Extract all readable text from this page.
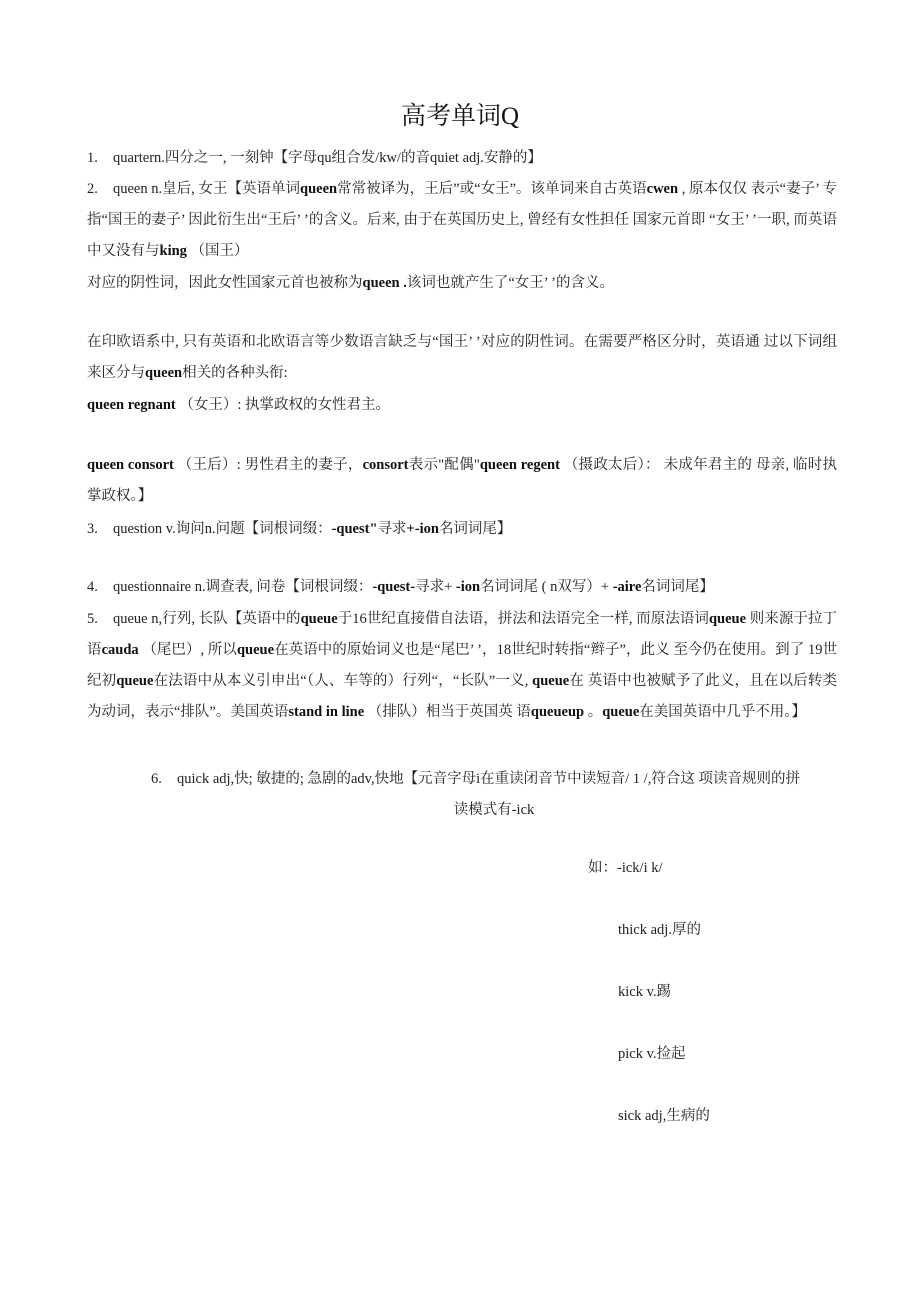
高考单词Q
1. quartern.四分之一, 一刻钟【字母qu组合发/kw/的音quiet adj.安静的】
2. queen n.皇后, 女王【英语单词queen常常被译为，王后”或“女王”。该单词来自古英语cwen , 原本仅仅 表示“妻子’ 专指“国王的妻子’ 因此衍生出“王后’ ’的含义。后来, 由于在英国历史上, 曾经有女性担任 国家元首即 “女王’ ’一职, 而英语中又没有与king （国王）
对应的阴性词，因此女性国家元首也被称为queen .该词也就产生了“女王’ ’的含义。
在印欧语系中, 只有英语和北欧语言等少数语言缺乏与“国王’ ’对应的阴性词。在需要严格区分时，英语通 过以下词组来区分与queen相关的各种头衔:
queen regnant （女王）: 执掌政权的女性君主。
queen consort （王后）: 男性君主的妻子，consort表示"配偶"queen regent （摄政太后）： 未成年君主的 母亲, 临时执掌政权。】
3. question v.询问n.问题【词根词缀：-quest"寻求+-ion名词词尾】
4. questionnaire n.调查表, 问卷【词根词缀：-quest-寻求+ -ion名词词尾 ( n双写）+ -aire名词词尾】
5. queue n,行列, 长队【英语中的queue于16世纪直接借自法语，拼法和法语完全一样, 而原法语词queue 则来源于拉丁语cauda （尾巴）, 所以queue在英语中的原始词义也是“尾巴’ ’，18世纪时转指“辫子”，此义 至今仍在使用。到了 19世纪初queue在法语中从本义引申出“（人、车等的）行列“，“长队”一义, queue在 英语中也被赋予了此义，且在以后转类为动词，表示“排队”。美国英语stand in line （排队）相当于英国英 语queueup 。queue在美国英语中几乎不用。】
6. quick adj,快; 敏捷的; 急剧的adv,快地【元音字母i在重读闭音节中读短音/ 1 /,符合这 项读音规则的拼
读模式有-ick
如：-ick/i k/
thick adj.厚的
kick v.踢
pick v.捡起
sick adj,生病的
